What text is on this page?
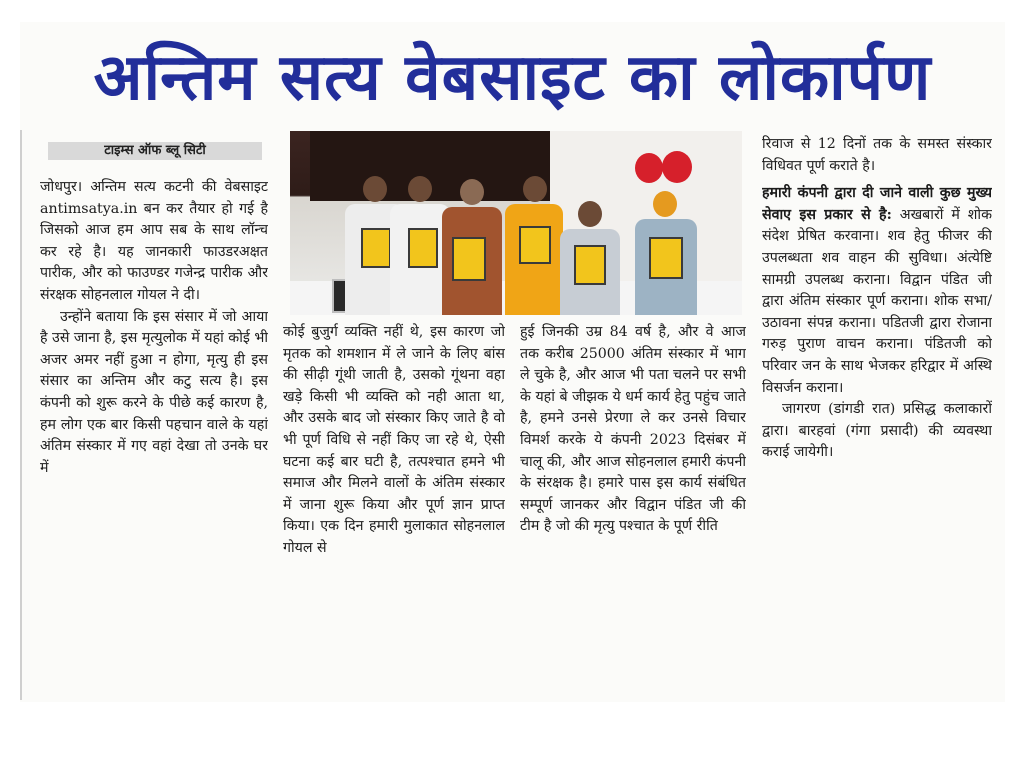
अन्तिम सत्य वेबसाइट का लोकार्पण
टाइम्स ऑफ ब्लू सिटी

जोधपुर। अन्तिम सत्य कटनी की वेबसाइट antimsatya.in बन कर तैयार हो गई है जिसको आज हम आप सब के साथ लॉन्च कर रहे है। यह जानकारी फाउडरअक्षत पारीक, और को फाउण्डर गजेन्द्र पारीक और संरक्षक सोहनलाल गोयल ने दी।

उन्होंने बताया कि इस संसार में जो आया है उसे जाना है, इस मृत्युलोक में यहां कोई भी अजर अमर नहीं हुआ न होगा, मृत्यु ही इस संसार का अन्तिम और कटु सत्य है। इस कंपनी को शुरू करने के पीछे कई कारण है, हम लोग एक बार किसी पहचान वाले के यहां अंतिम संस्कार में गए वहां देखा तो उनके घर में

कोई बुजुर्ग व्यक्ति नहीं थे, इस कारण जो मृतक को शमशान में ले जाने के लिए बांस की सीढ़ी गूंथी जाती है, उसको गूंथना वहा खड़े किसी भी व्यक्ति को नही आता था, और उसके बाद जो संस्कार किए जाते है वो भी पूर्ण विधि से नहीं किए जा रहे थे, ऐसी घटना कई बार घटी है, तत्पश्चात हमने भी समाज और मिलने वालों के अंतिम संस्कार में जाना शुरू किया और पूर्ण ज्ञान प्राप्त किया। एक दिन हमारी मुलाकात सोहनलाल गोयल से

हुई जिनकी उम्र 84 वर्ष है, और वे आज तक करीब 25000 अंतिम संस्कार में भाग ले चुके है, और आज भी पता चलने पर सभी के यहां बे जीझक ये धर्म कार्य हेतु पहुंच जाते है, हमने उनसे प्रेरणा ले कर उनसे विचार विमर्श करके ये कंपनी 2023 दिसंबर में चालू की, और आज सोहनलाल हमारी कंपनी के संरक्षक है। हमारे पास इस कार्य संबंधित सम्पूर्ण जानकर और विद्वान पंडित जी की टीम है जो की मृत्यु पश्चात के पूर्ण रीति

रिवाज से 12 दिनों तक के समस्त संस्कार विधिवत पूर्ण कराते है।

हमारी कंपनी द्वारा दी जाने वाली कुछ मुख्य सेवाए इस प्रकार से है: अखबारों में शोक संदेश प्रेषित करवाना। शव हेतु फीजर की उपलब्धता शव वाहन की सुविधा। अंत्येष्टि सामग्री उपलब्ध कराना। विद्वान पंडित जी द्वारा अंतिम संस्कार पूर्ण कराना। शोक सभा/उठावना संपन्न कराना। पडितजी द्वारा रोजाना गरुड़ पुराण वाचन कराना। पंडितजी को परिवार जन के साथ भेजकर हरिद्वार में अस्थि विसर्जन कराना।

जागरण (डांगडी रात) प्रसिद्ध कलाकारों द्वारा। बारहवां (गंगा प्रसादी) की व्यवस्था कराई जायेगी।
